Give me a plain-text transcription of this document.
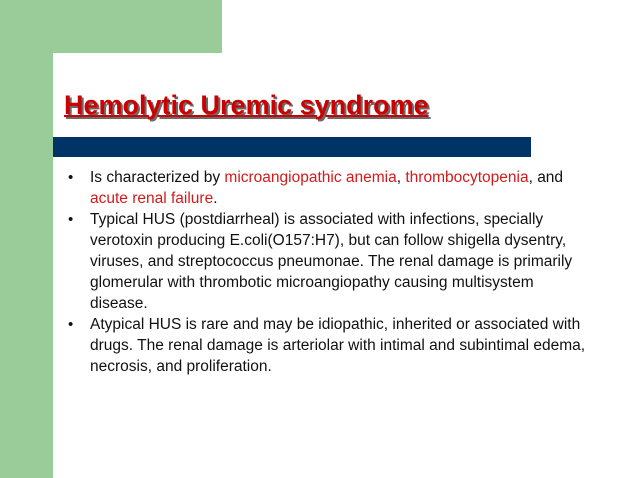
Hemolytic Uremic syndrome
• Is characterized by microangiopathic anemia, thrombocytopenia, and acute renal failure.
• Typical HUS (postdiarrheal) is associated with infections, specially verotoxin producing E.coli(O157:H7), but can follow shigella dysentry, viruses, and streptococcus pneumonae. The renal damage is primarily glomerular with thrombotic microangiopathy causing multisystem disease.
• Atypical HUS is rare and may be idiopathic, inherited or associated with drugs. The renal damage is arteriolar with intimal and subintimal edema, necrosis, and proliferation.
